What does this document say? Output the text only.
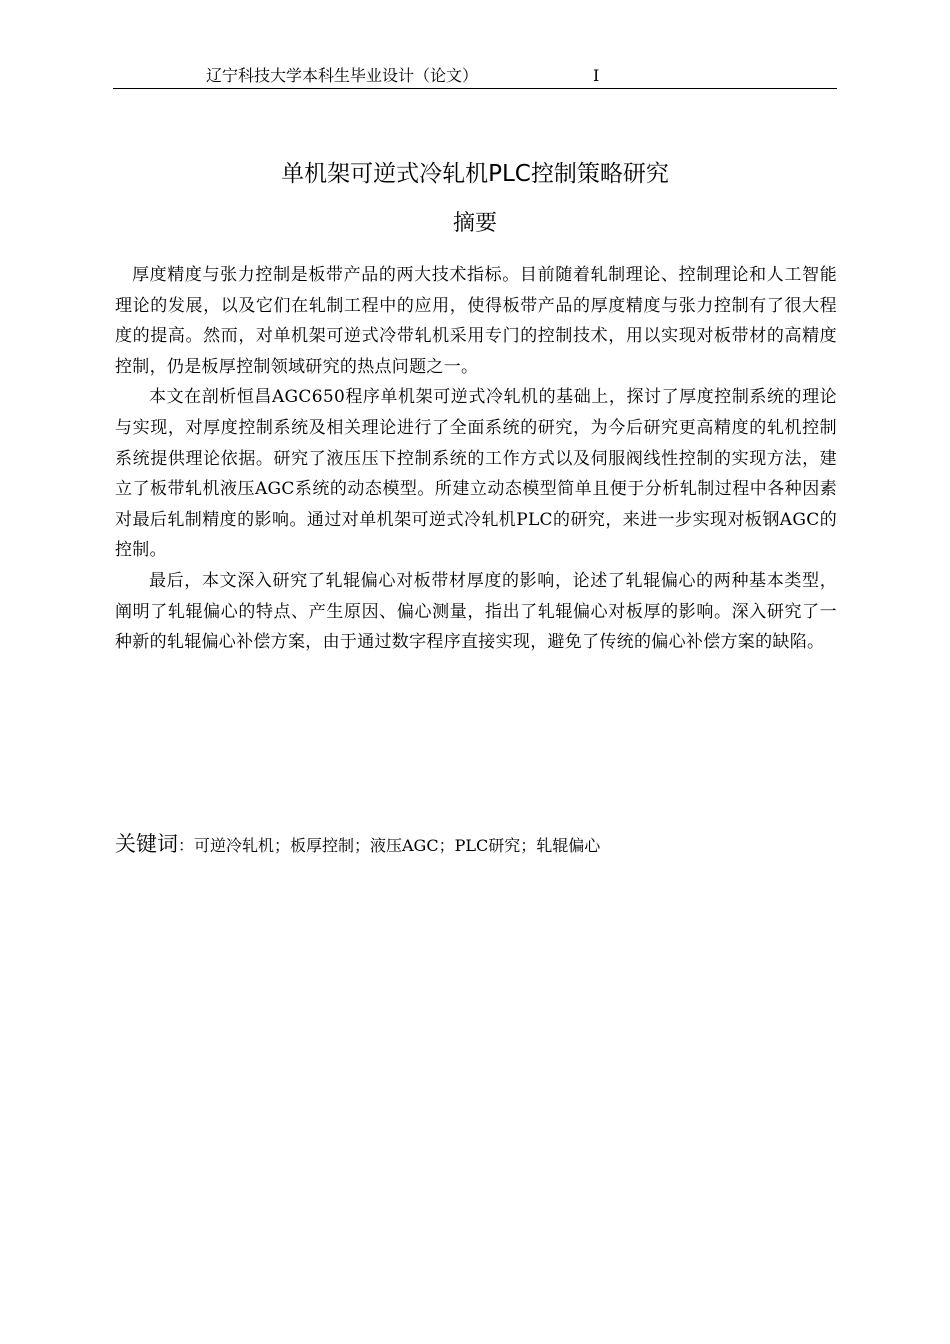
辽宁科技大学本科生毕业设计（论文）	I
单机架可逆式冷轧机PLC控制策略研究
摘要

厚度精度与张力控制是板带产品的两大技术指标。目前随着轧制理论、控制理论和人工智能理论的发展，以及它们在轧制工程中的应用，使得板带产品的厚度精度与张力控制有了很大程度的提高。然而，对单机架可逆式冷带轧机采用专门的控制技术，用以实现对板带材的高精度控制，仍是板厚控制领域研究的热点问题之一。

本文在剖析恒昌AGC650程序单机架可逆式冷轧机的基础上，探讨了厚度控制系统的理论与实现，对厚度控制系统及相关理论进行了全面系统的研究，为今后研究更高精度的轧机控制系统提供理论依据。研究了液压压下控制系统的工作方式以及伺服阀线性控制的实现方法，建立了板带轧机液压AGC系统的动态模型。所建立动态模型简单且便于分析轧制过程中各种因素对最后轧制精度的影响。通过对单机架可逆式冷轧机PLC的研究，来进一步实现对板钢AGC的控制。

最后，本文深入研究了轧辊偏心对板带材厚度的影响，论述了轧辊偏心的两种基本类型，阐明了轧辊偏心的特点、产生原因、偏心测量，指出了轧辊偏心对板厚的影响。深入研究了一种新的轧辊偏心补偿方案，由于通过数字程序直接实现，避免了传统的偏心补偿方案的缺陷。

关键词：可逆冷轧机；板厚控制；液压AGC；PLC研究；轧辊偏心
